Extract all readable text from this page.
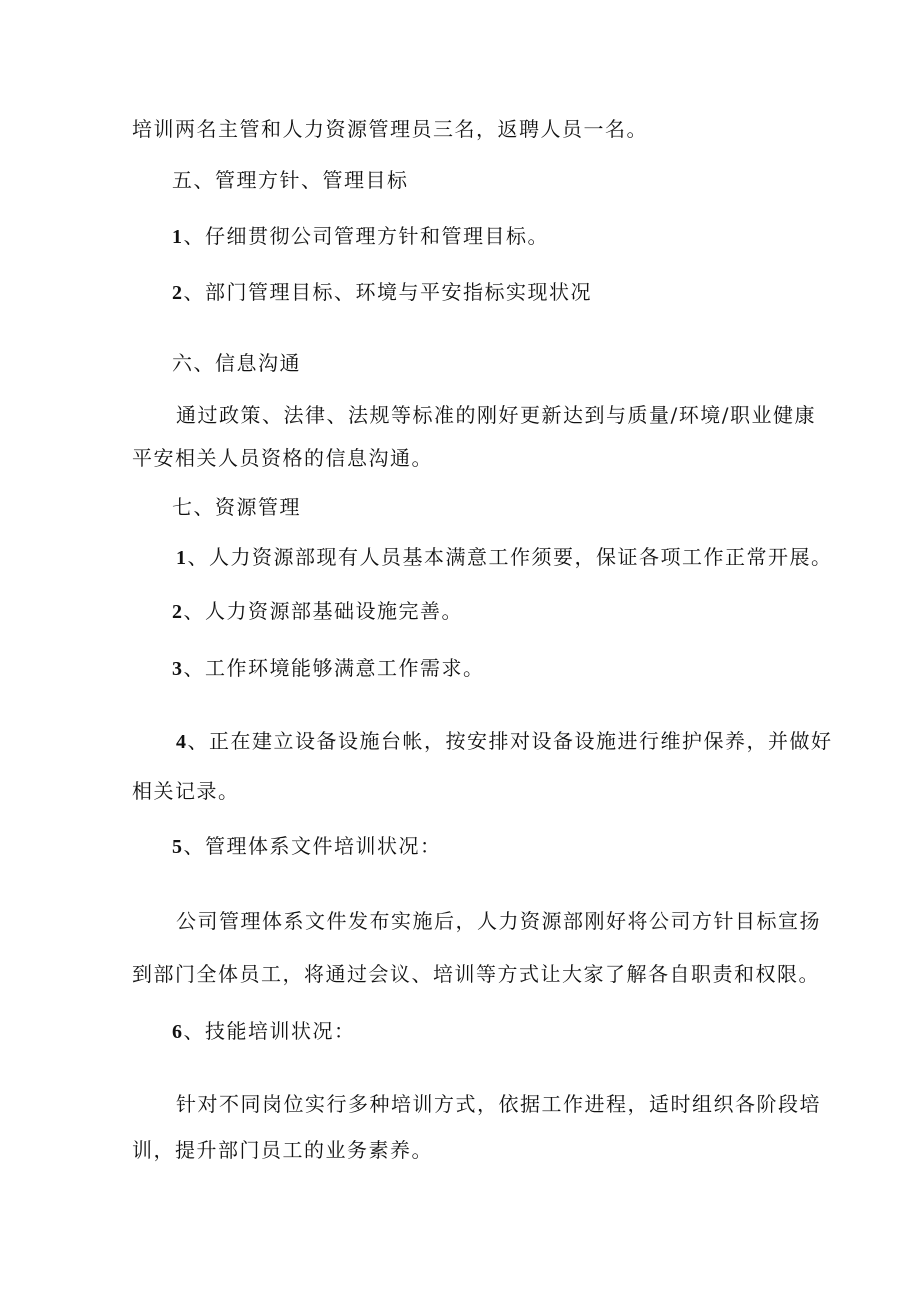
培训两名主管和人力资源管理员三名，返聘人员一名。

五、管理方针、管理目标

1、仔细贯彻公司管理方针和管理目标。

2、部门管理目标、环境与平安指标实现状况

六、信息沟通

通过政策、法律、法规等标准的刚好更新达到与质量/环境/职业健康

平安相关人员资格的信息沟通。

七、资源管理

1、人力资源部现有人员基本满意工作须要，保证各项工作正常开展。

2、人力资源部基础设施完善。

3、工作环境能够满意工作需求。

4、正在建立设备设施台帐，按安排对设备设施进行维护保养，并做好

相关记录。

5、管理体系文件培训状况：

公司管理体系文件发布实施后，人力资源部刚好将公司方针目标宣扬

到部门全体员工，将通过会议、培训等方式让大家了解各自职责和权限。

6、技能培训状况：

针对不同岗位实行多种培训方式，依据工作进程，适时组织各阶段培

训，提升部门员工的业务素养。
